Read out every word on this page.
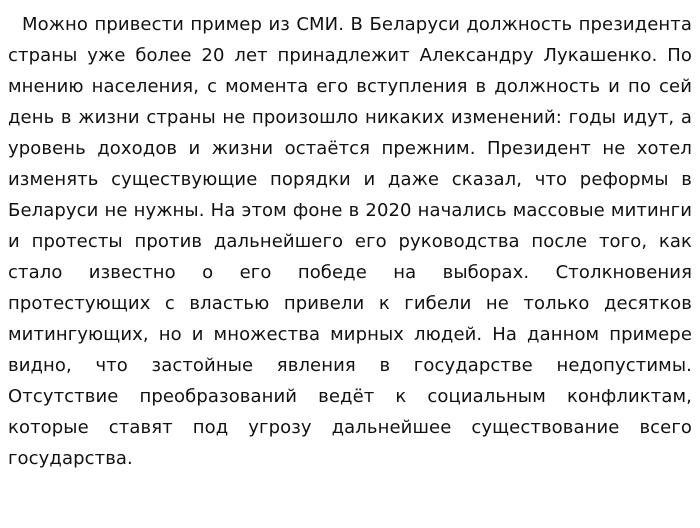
Можно привести пример из СМИ. В Беларуси должность президента страны уже более 20 лет принадлежит Александру Лукашенко. По мнению населения, с момента его вступления в должность и по сей день в жизни страны не произошло никаких изменений: годы идут, а уровень доходов и жизни остаётся прежним. Президент не хотел изменять существующие порядки и даже сказал, что реформы в Беларуси не нужны. На этом фоне в 2020 начались массовые митинги и протесты против дальнейшего его руководства после того, как стало известно о его победе на выборах. Столкновения протестующих с властью привели к гибели не только десятков митингующих, но и множества мирных людей. На данном примере видно, что застойные явления в государстве недопустимы. Отсутствие преобразований ведёт к социальным конфликтам, которые ставят под угрозу дальнейшее существование всего государства.
